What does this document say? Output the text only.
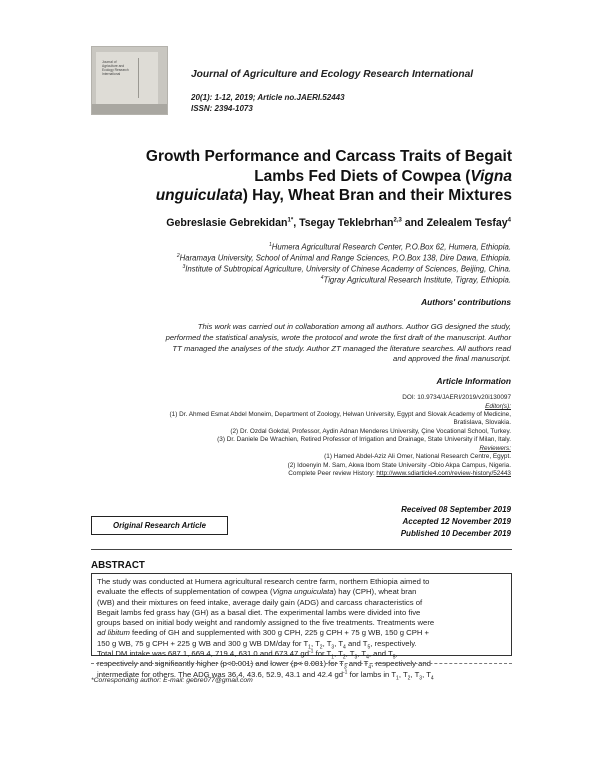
Journal of
Agriculture and
Ecology Research
International	Journal of Agriculture and Ecology Research International
20(1): 1-12, 2019; Article no.JAERI.52443
ISSN: 2394-1073
Growth Performance and Carcass Traits of Begait
Lambs Fed Diets of Cowpea (Vigna
unguiculata) Hay, Wheat Bran and their Mixtures
Gebreslasie Gebrekidan$^{1*}$, Tsegay Teklebrhan$^{2,3}$ and Zelealem Tesfay$^4$
$^1$Humera Agricultural Research Center, P.O.Box 62, Humera, Ethiopia.
$^2$Haramaya University, School of Animal and Range Sciences, P.O.Box 138, Dire Dawa, Ethiopia.
$^3$Institute of Subtropical Agriculture, University of Chinese Academy of Sciences, Beijing, China.
$^4$Tigray Agricultural Research Institute, Tigray, Ethiopia.
Authors' contributions
This work was carried out in collaboration among all authors. Author GG designed the study,
performed the statistical analysis, wrote the protocol and wrote the first draft of the manuscript. Author
TT managed the analyses of the study. Author ZT managed the literature searches. All authors read
and approved the final manuscript.
Article Information
DOI: 10.9734/JAERI/2019/v20i130097
Editor(s):
(1) Dr. Ahmed Esmat Abdel Moneim, Department of Zoology, Helwan University, Egypt and Slovak Academy of Medicine,
Bratislava, Slovakia.
(2) Dr. Ozdal Gokdal, Professor, Aydin Adnan Menderes University, Çine Vocational School, Turkey.
(3) Dr. Daniele De Wrachien, Retired Professor of Irrigation and Drainage, State University if Milan, Italy.
Reviewers:
(1) Hamed Abdel-Aziz Ali Omer, National Research Centre, Egypt.
(2) Idoenyin M. Sam, Akwa Ibom State University -Obio Akpa Campus, Nigeria.
Complete Peer review History: http://www.sdiarticle4.com/review-history/52443
Original Research Article
Received 08 September 2019
Accepted 12 November 2019
Published 10 December 2019
ABSTRACT
The study was conducted at Humera agricultural research centre farm, northern Ethiopia aimed to
evaluate the effects of supplementation of cowpea (Vigna unguiculata) hay (CPH), wheat bran
(WB) and their mixtures on feed intake, average daily gain (ADG) and carcass characteristics of
Begait lambs fed grass hay (GH) as a basal diet. The experimental lambs were divided into five
groups based on initial body weight and randomly assigned to the five treatments. Treatments were
ad libitum feeding of GH and supplemented with 300 g CPH, 225 g CPH + 75 g WB, 150 g CPH +
150 g WB, 75 g CPH + 225 g WB and 300 g WB DM/day for $T_1$, $T_2$, $T_3$, $T_4$ and $T_5$, respectively.
Total DM intake was 687.1, 669.4, 719.4, 631.0 and 673.47 $gd^{-1}$ for $T_1$, $T_2$, $T_3$, $T_4$, and $T_5$,
respectively and significantly higher (p<0.001) and lower (p< 0.001) for $T_3$ and $T_4$, respectively and
intermediate for others. The ADG was 36.4, 43.6, 52.9, 43.1 and 42.4 $gd^{-1}$ for lambs in $T_1$, $T_2$, $T_3$, $T_4$
*Corresponding author: E-mail: gebre077@gmail.com
